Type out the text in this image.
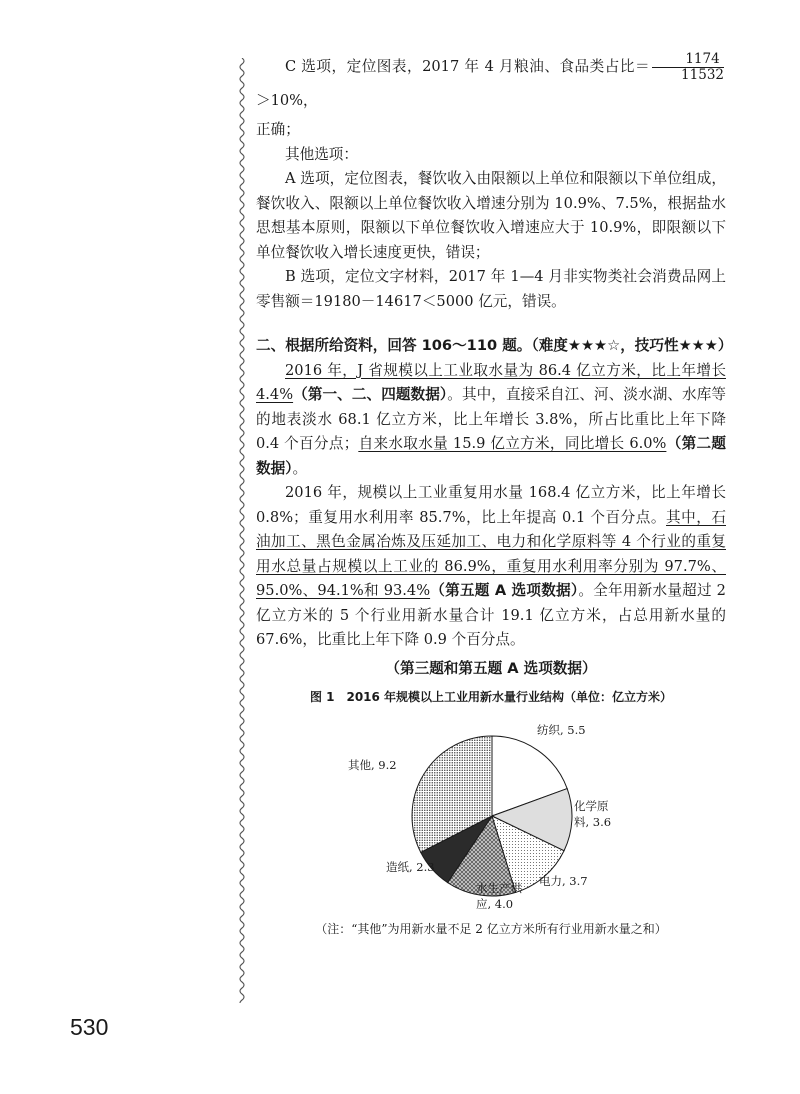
C 选项，定位图表，2017 年 4 月粮油、食品类占比＝ $\frac{1174}{11532}$
＞10%，

正确；

其他选项：

A 选项，定位图表，餐饮收入由限额以上单位和限额以下单位组成，餐饮收入、限额以上单位餐饮收入增速分别为 10.9%、7.5%，根据盐水思想基本原则，限额以下单位餐饮收入增速应大于 10.9%，即限额以下单位餐饮收入增长速度更快，错误；

B 选项，定位文字材料，2017 年 1—4 月非实物类社会消费品网上零售额＝19180－14617＜5000 亿元，错误。

二、根据所给资料，回答 106～110 题。（难度★★★☆，技巧性★★★）

2016 年，J 省规模以上工业取水量为 86.4 亿立方米，比上年增长 4.4%（第一、二、四题数据）。其中，直接采自江、河、淡水湖、水库等的地表淡水 68.1 亿立方米，比上年增长 3.8%，所占比重比上年下降 0.4 个百分点；自来水取水量 15.9 亿立方米，同比增长 6.0%（第二题数据）。

2016 年，规模以上工业重复用水量 168.4 亿立方米，比上年增长 0.8%；重复用水利用率 85.7%，比上年提高 0.1 个百分点。其中，石油加工、黑色金属冶炼及压延加工、电力和化学原料等 4 个行业的重复用水总量占规模以上工业的 86.9%，重复用水利用率分别为 97.7%、95.0%、94.1%和 93.4%（第五题 A 选项数据）。全年用新水量超过 2 亿立方米的 5 个行业用新水量合计 19.1 亿立方米，占总用新水量的 67.6%，比重比上年下降 0.9 个百分点。

（第三题和第五题 A 选项数据）
图 1　2016 年规模以上工业用新水量行业结构（单位：亿立方米）
纺织, 5.5
化学原
料, 3.6
电力, 3.7
水生产供
应, 4.0
造纸, 2.3
其他, 9.2
（注：“其他”为用新水量不足 2 亿立方米所有行业用新水量之和）
530
